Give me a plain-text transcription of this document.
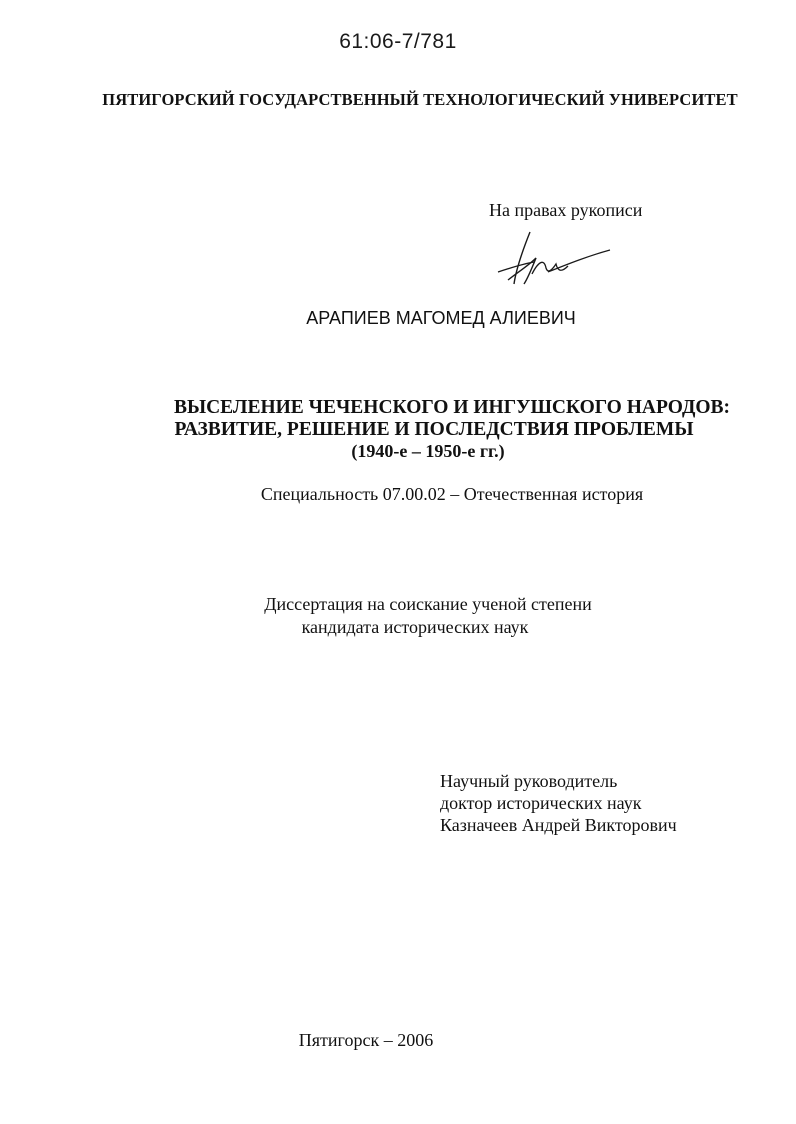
61:06-7/781
ПЯТИГОРСКИЙ ГОСУДАРСТВЕННЫЙ ТЕХНОЛОГИЧЕСКИЙ УНИВЕРСИТЕТ
На правах рукописи
АРАПИЕВ МАГОМЕД АЛИЕВИЧ
ВЫСЕЛЕНИЕ ЧЕЧЕНСКОГО И ИНГУШСКОГО НАРОДОВ:
РАЗВИТИЕ, РЕШЕНИЕ И ПОСЛЕДСТВИЯ ПРОБЛЕМЫ
(1940-е – 1950-е гг.)
Специальность 07.00.02 – Отечественная история
Диссертация на соискание ученой степени
кандидата исторических наук
Научный руководитель
доктор исторических наук
Казначеев Андрей Викторович
Пятигорск – 2006
